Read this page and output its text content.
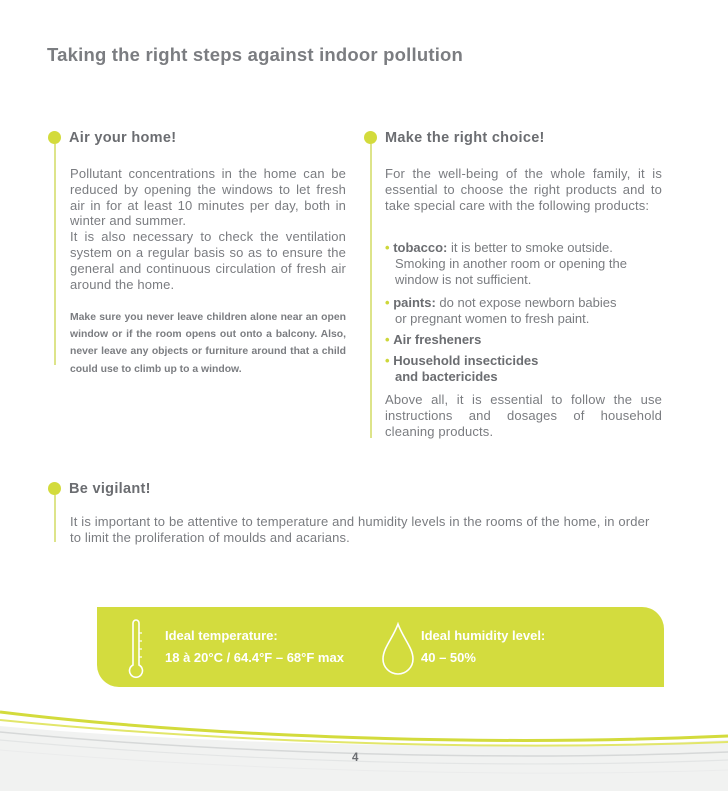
Taking the right steps against indoor pollution
Air your home!

Pollutant concentrations in the home can be reduced by opening the windows to let fresh air in for at least 10 minutes per day, both in winter and summer.

It is also necessary to check the ventilation system on a regular basis so as to ensure the general and continuous circulation of fresh air around the home.

Make sure you never leave children alone near an open window or if the room opens out onto a balcony. Also, never leave any objects or furniture around that a child could use to climb up to a window.
Make the right choice!
For the well-being of the whole family, it is essential to choose the right products and to take special care with the following products:
• tobacco: it is better to smoke outside.
Smoking in another room or opening the
window is not sufficient.
• paints: do not expose newborn babies
or pregnant women to fresh paint.
• Air fresheners
• Household insecticides
and bactericides
Above all, it is essential to follow the use instructions and dosages of household cleaning products.
Be vigilant!
It is important to be attentive to temperature and humidity levels in the rooms of the home, in order to limit the proliferation of moulds and acarians.
Ideal temperature:
18 à 20°C / 64.4°F – 68°F max
Ideal humidity level:
40 – 50%
4
